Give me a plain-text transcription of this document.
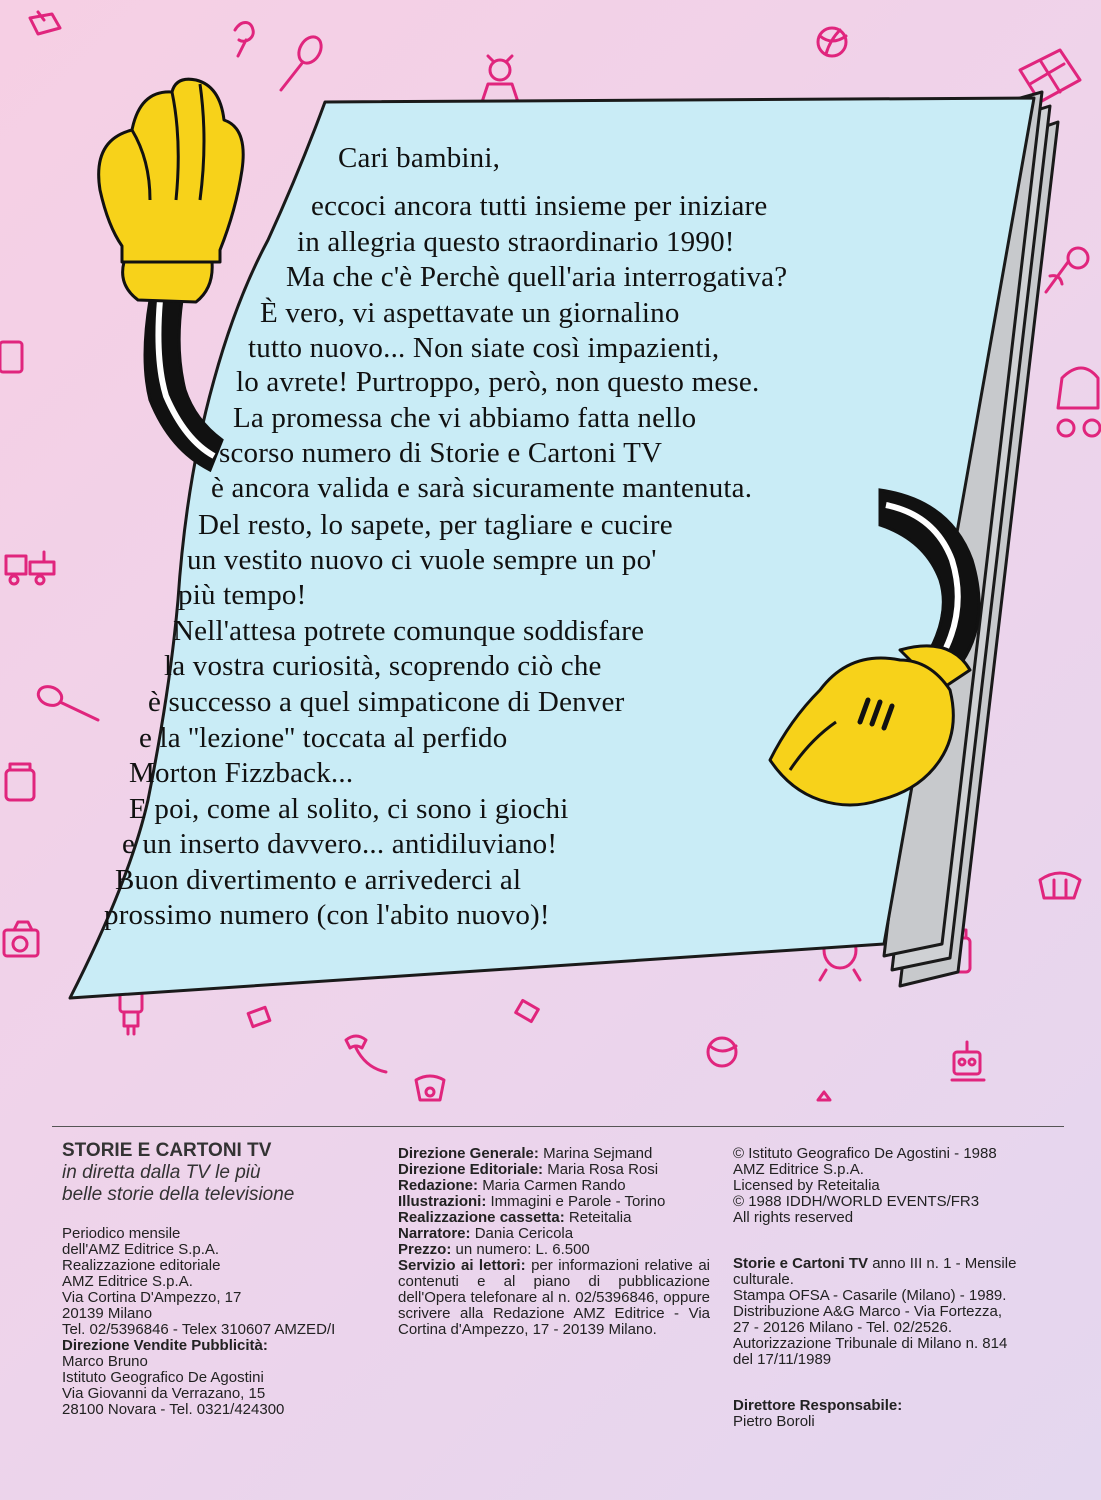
Cari bambini,
eccoci ancora tutti insieme per iniziare
in allegria questo straordinario 1990!
Ma che c'è Perchè quell'aria interrogativa?
È vero, vi aspettavate un giornalino
tutto nuovo... Non siate così impazienti,
lo avrete! Purtroppo, però, non questo mese.
La promessa che vi abbiamo fatta nello
scorso numero di Storie e Cartoni TV
è ancora valida e sarà sicuramente mantenuta.
Del resto, lo sapete, per tagliare e cucire
un vestito nuovo ci vuole sempre un po'
più tempo!
Nell'attesa potrete comunque soddisfare
la vostra curiosità, scoprendo ciò che
è successo a quel simpaticone di Denver
e la ''lezione'' toccata al perfido
Morton Fizzback...
E poi, come al solito, ci sono i giochi
e un inserto davvero... antidiluviano!
Buon divertimento e arrivederci al
prossimo numero (con l'abito nuovo)!

STORIE E CARTONI TV

in diretta dalla TV le più

belle storie della televisione

Periodico mensile

dell'AMZ Editrice S.p.A.

Realizzazione editoriale

AMZ Editrice S.p.A.

Via Cortina D'Ampezzo, 17

20139 Milano

Tel. 02/5396846 - Telex 310607 AMZED/I

Direzione Vendite Pubblicità:

Marco Bruno

Istituto Geografico De Agostini

Via Giovanni da Verrazano, 15

28100 Novara - Tel. 0321/424300

Direzione Generale: Marina Sejmand

Direzione Editoriale: Maria Rosa Rosi

Redazione: Maria Carmen Rando

Illustrazioni: Immagini e Parole - Torino

Realizzazione cassetta: Reteitalia

Narratore: Dania Cericola

Prezzo: un numero: L. 6.500

Servizio ai lettori: per informazioni relative ai contenuti e al piano di pubblicazione dell'Opera telefonare al n. 02/5396846, oppure scrivere alla Redazione AMZ Editrice - Via Cortina d'Ampezzo, 17 - 20139 Milano.

© Istituto Geografico De Agostini - 1988

AMZ Editrice S.p.A.

Licensed by Reteitalia

© 1988 IDDH/WORLD EVENTS/FR3

All rights reserved

Storie e Cartoni TV anno III n. 1 - Mensile culturale.

Stampa OFSA - Casarile (Milano) - 1989.

Distribuzione A&G Marco - Via Fortezza,

27 - 20126 Milano - Tel. 02/2526.

Autorizzazione Tribunale di Milano n. 814

del 17/11/1989

Direttore Responsabile:

Pietro Boroli
